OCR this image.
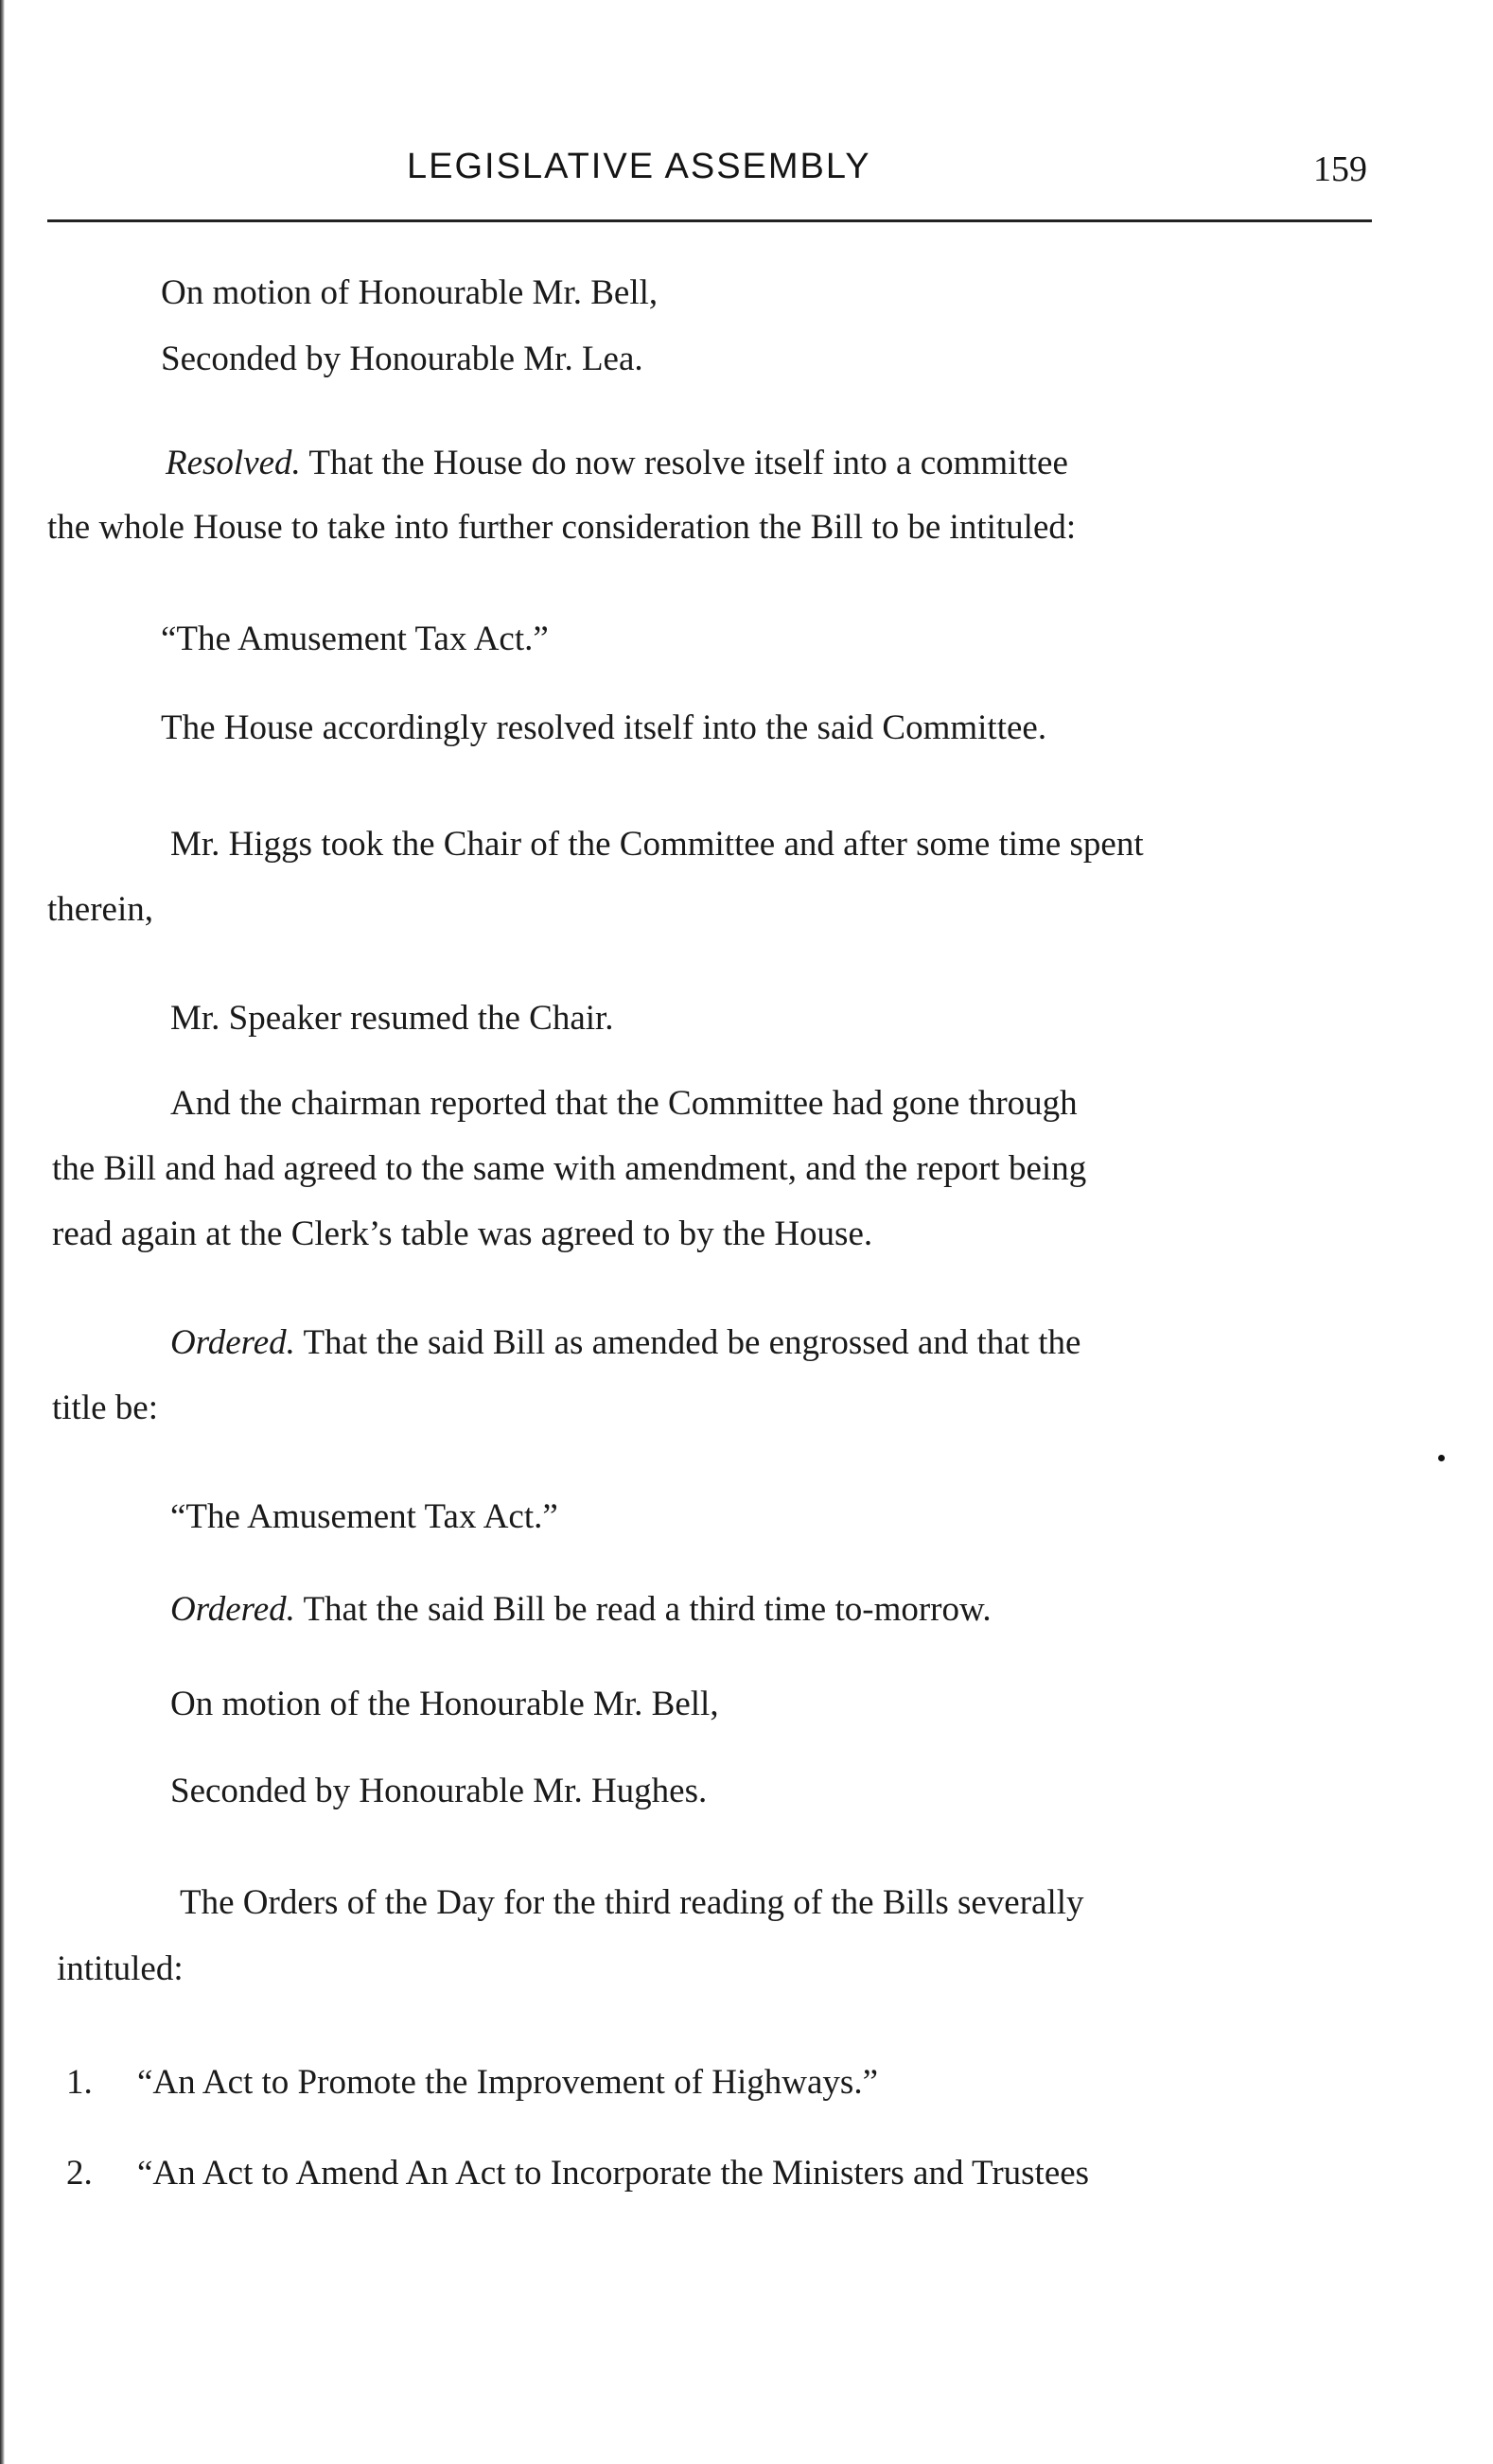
LEGISLATIVE ASSEMBLY	159
On motion of Honourable Mr. Bell,
Seconded by Honourable Mr. Lea.
Resolved. That the House do now resolve itself into a committee
the whole House to take into further consideration the Bill to be intituled:
“The Amusement Tax Act.”
The House accordingly resolved itself into the said Committee.
Mr. Higgs took the Chair of the Committee and after some time spent
therein,
Mr. Speaker resumed the Chair.
And the chairman reported that the Committee had gone through
the Bill and had agreed to the same with amendment, and the report being
read again at the Clerk’s table was agreed to by the House.
Ordered. That the said Bill as amended be engrossed and that the
title be:
“The Amusement Tax Act.”
Ordered. That the said Bill be read a third time to-morrow.
On motion of the Honourable Mr. Bell,
Seconded by Honourable Mr. Hughes.
The Orders of the Day for the third reading of the Bills severally
intituled:
1. “An Act to Promote the Improvement of Highways.”
2. “An Act to Amend An Act to Incorporate the Ministers and Trustees
